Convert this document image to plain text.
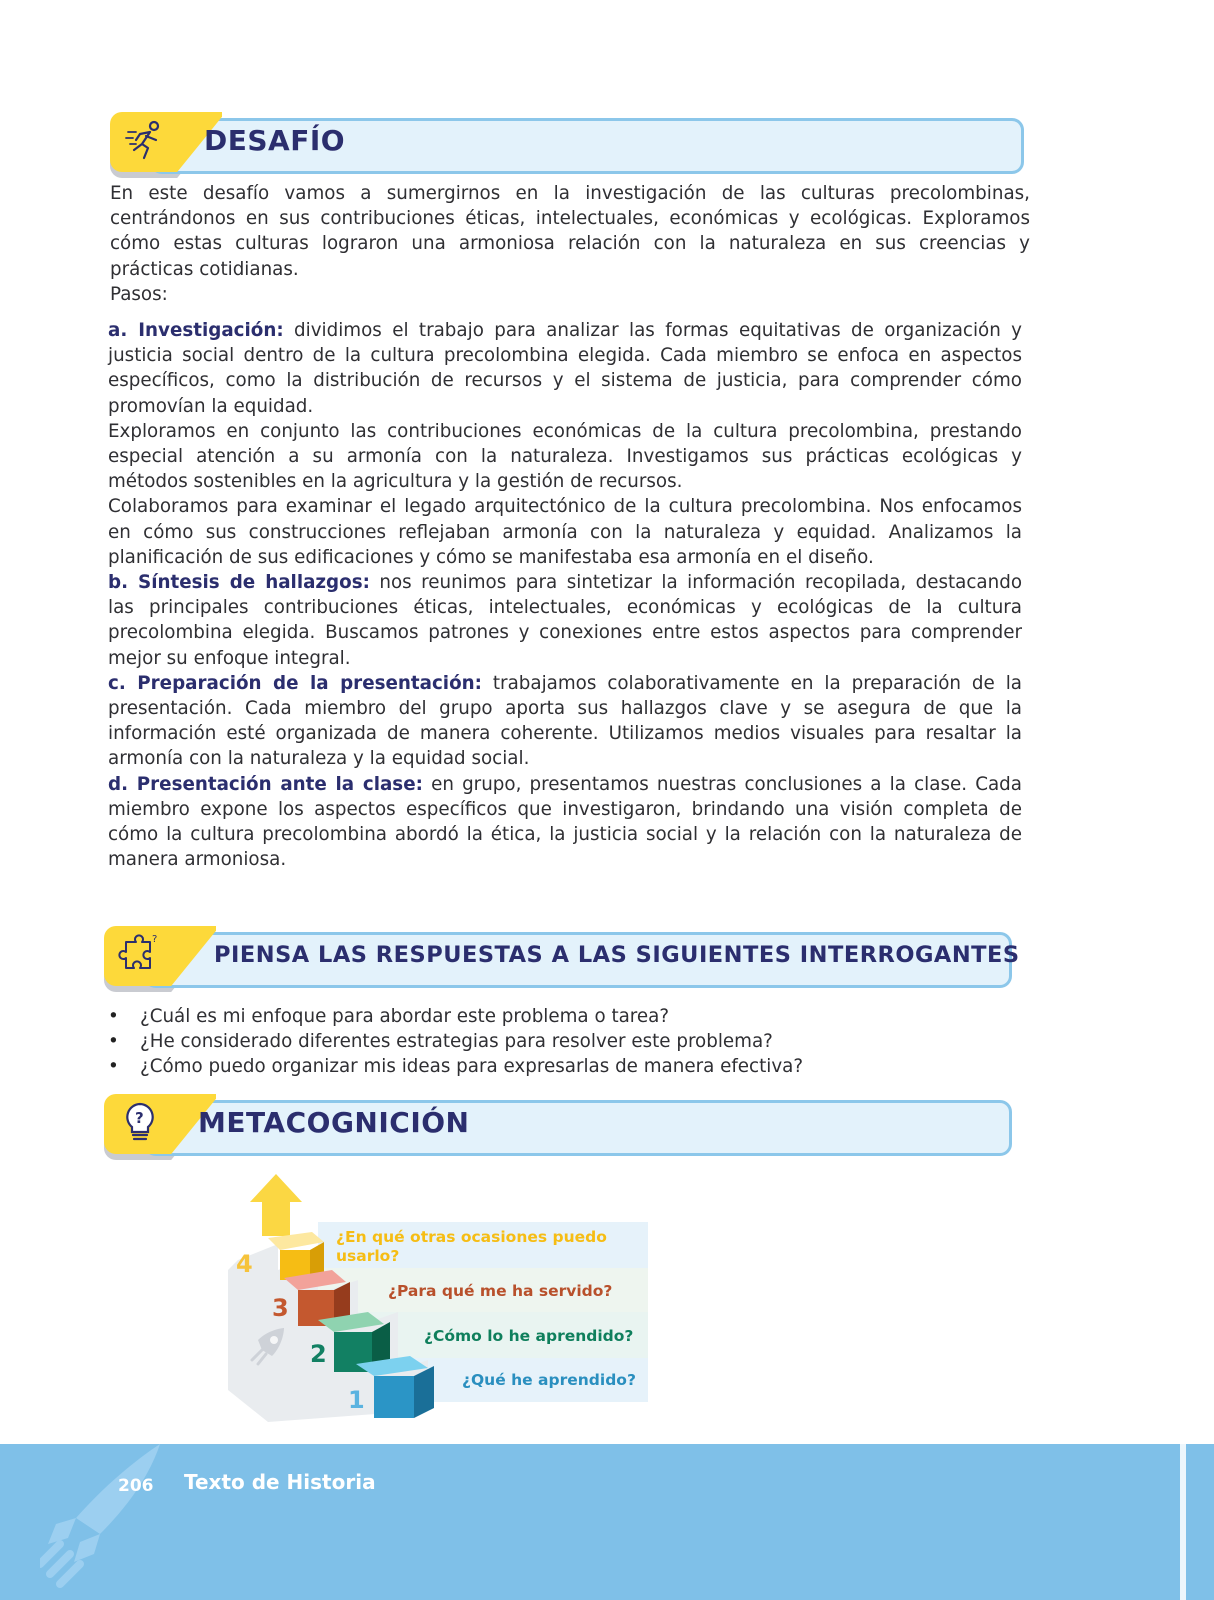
DESAFÍO
En este desafío vamos a sumergirnos en la investigación de las culturas precolombinas,
centrándonos en sus contribuciones éticas, intelectuales, económicas y ecológicas. Exploramos
cómo estas culturas lograron una armoniosa relación con la naturaleza en sus creencias y
prácticas cotidianas.
Pasos:
a. Investigación: dividimos el trabajo para analizar las formas equitativas de organización y
justicia social dentro de la cultura precolombina elegida. Cada miembro se enfoca en aspectos
específicos, como la distribución de recursos y el sistema de justicia, para comprender cómo
promovían la equidad.
Exploramos en conjunto las contribuciones económicas de la cultura precolombina, prestando
especial atención a su armonía con la naturaleza. Investigamos sus prácticas ecológicas y
métodos sostenibles en la agricultura y la gestión de recursos.
Colaboramos para examinar el legado arquitectónico de la cultura precolombina. Nos enfocamos
en cómo sus construcciones reflejaban armonía con la naturaleza y equidad. Analizamos la
planificación de sus edificaciones y cómo se manifestaba esa armonía en el diseño.
b. Síntesis de hallazgos: nos reunimos para sintetizar la información recopilada, destacando
las principales contribuciones éticas, intelectuales, económicas y ecológicas de la cultura
precolombina elegida. Buscamos patrones y conexiones entre estos aspectos para comprender
mejor su enfoque integral.
c. Preparación de la presentación: trabajamos colaborativamente en la preparación de la
presentación. Cada miembro del grupo aporta sus hallazgos clave y se asegura de que la
información esté organizada de manera coherente. Utilizamos medios visuales para resaltar la
armonía con la naturaleza y la equidad social.
d. Presentación ante la clase: en grupo, presentamos nuestras conclusiones a la clase. Cada
miembro expone los aspectos específicos que investigaron, brindando una visión completa de
cómo la cultura precolombina abordó la ética, la justicia social y la relación con la naturaleza de
manera armoniosa.
?
PIENSA LAS RESPUESTAS A LAS SIGUIENTES INTERROGANTES
• ¿Cuál es mi enfoque para abordar este problema o tarea?
• ¿He considerado diferentes estrategias para resolver este problema?
• ¿Cómo puedo organizar mis ideas para expresarlas de manera efectiva?
? METACOGNICIÓN
4
3
2
1
¿En qué otras ocasiones puedo
usarlo?
¿Para qué me ha servido?
¿Cómo lo he aprendido?
¿Qué he aprendido?
206 Texto de Historia
